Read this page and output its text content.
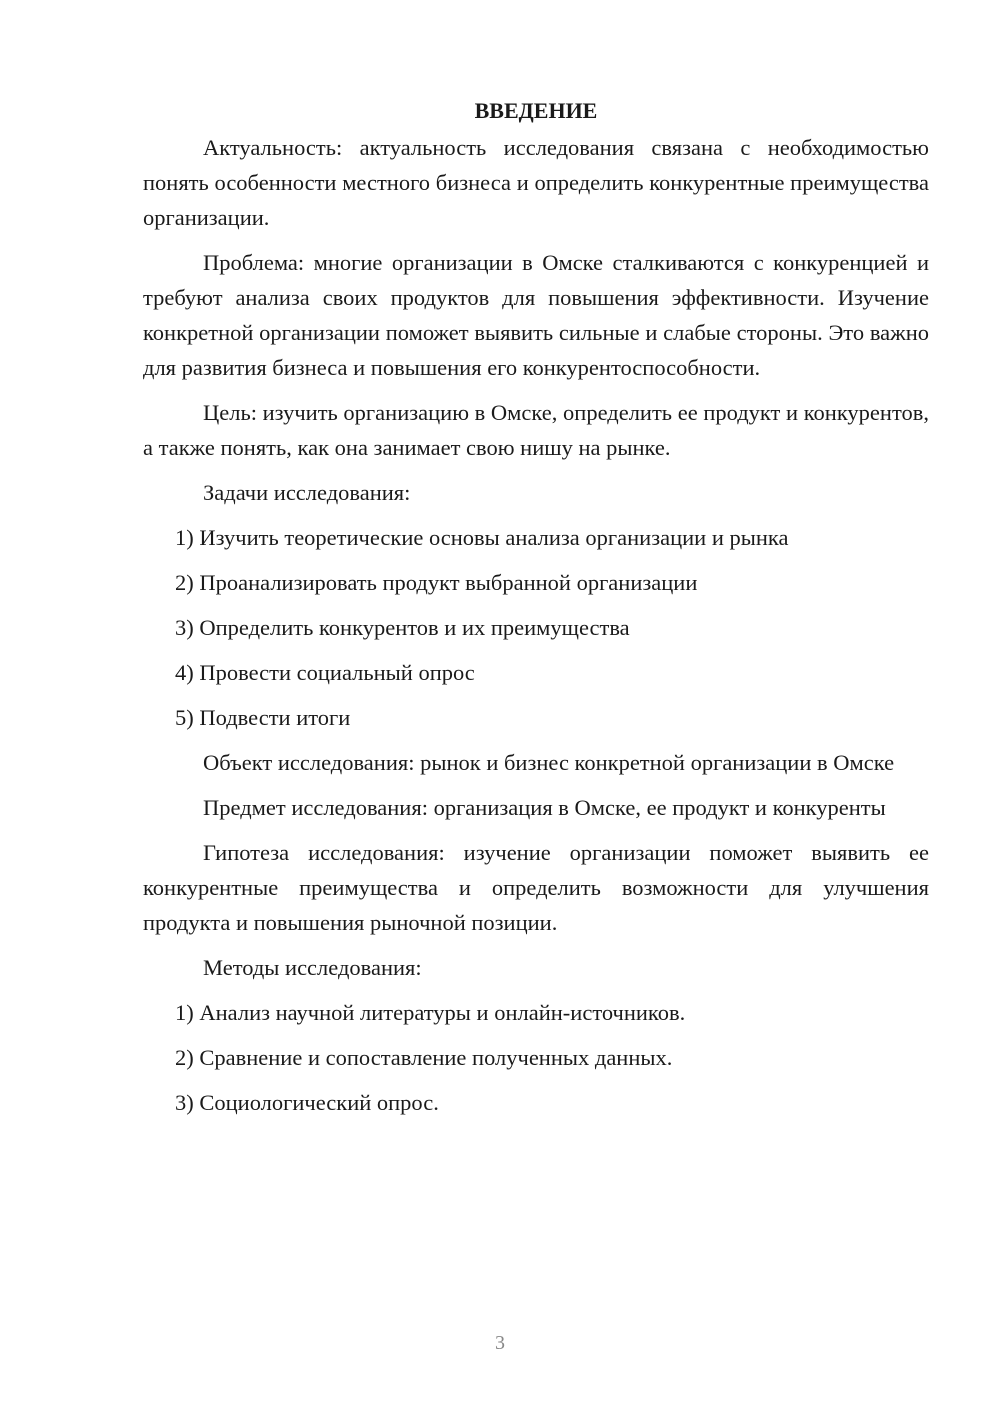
ВВЕДЕНИЕ

Актуальность: актуальность исследования связана с необходимостью понять особенности местного бизнеса и определить конкурентные преимущества организации.

Проблема: многие организации в Омске сталкиваются с конкуренцией и требуют анализа своих продуктов для повышения эффективности. Изучение конкретной организации поможет выявить сильные и слабые стороны. Это важно для развития бизнеса и повышения его конкурентоспособности.

Цель: изучить организацию в Омске, определить ее продукт и конкурентов, а также понять, как она занимает свою нишу на рынке.

Задачи исследования:

1) Изучить теоретические основы анализа организации и рынка
2) Проанализировать продукт выбранной организации
3) Определить конкурентов и их преимущества
4) Провести социальный опрос
5) Подвести итоги

Объект исследования: рынок и бизнес конкретной организации в Омске

Предмет исследования: организация в Омске, ее продукт и конкуренты

Гипотеза исследования: изучение организации поможет выявить ее конкурентные преимущества и определить возможности для улучшения продукта и повышения рыночной позиции.

Методы исследования:

1) Анализ научной литературы и онлайн-источников.
2) Сравнение и сопоставление полученных данных.
3) Социологический опрос.
3
